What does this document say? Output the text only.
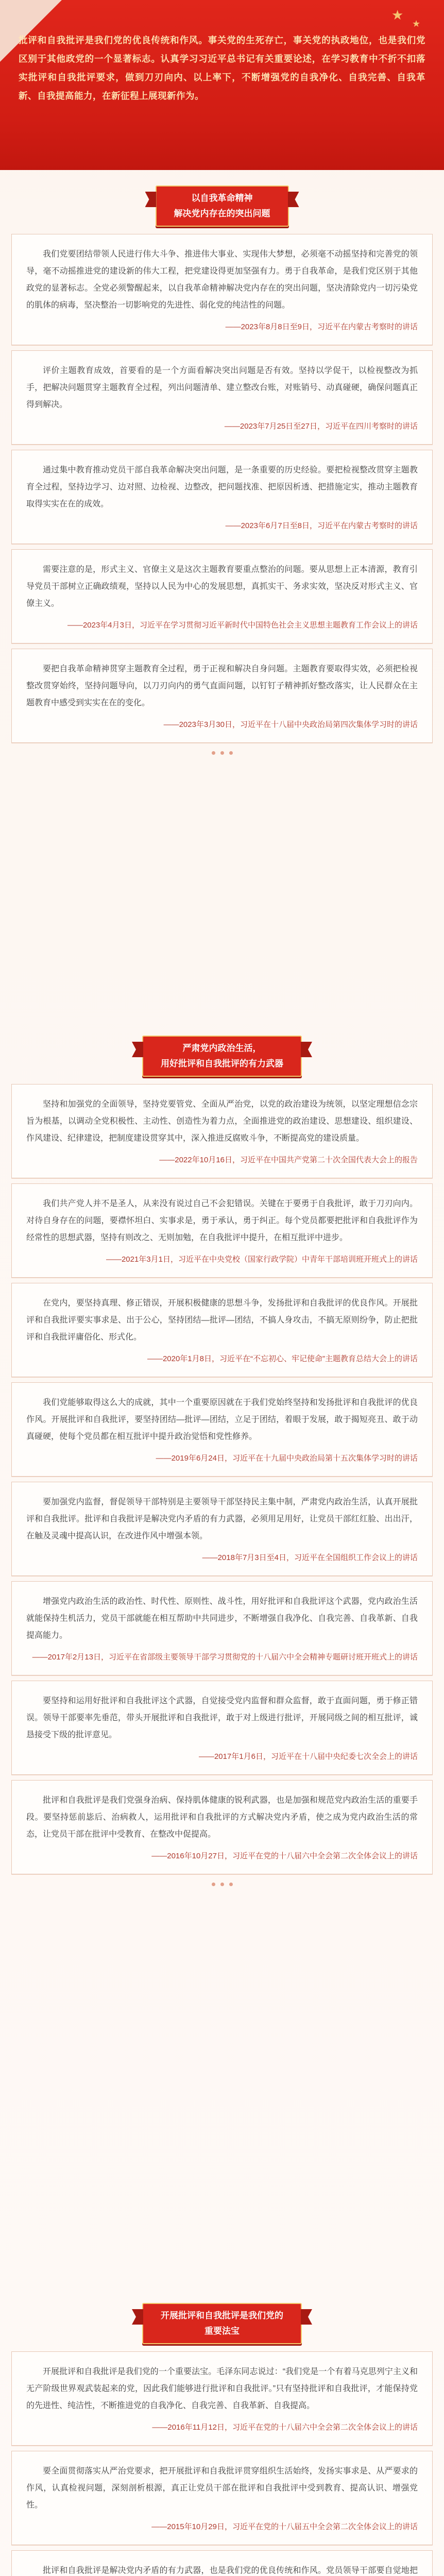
★
★
批评和自我批评是我们党的优良传统和作风。事关党的生死存亡，事关党的执政地位，也是我们党区别于其他政党的一个显著标志。认真学习习近平总书记有关重要论述，在学习教育中不折不扣落实批评和自我批评要求，做到刀刃向内、以上率下，不断增强党的自我净化、自我完善、自我革新、自我提高能力，在新征程上展现新作为。
以自我革命精神
解决党内存在的突出问题

我们党要团结带领人民进行伟大斗争、推进伟大事业、实现伟大梦想，必须毫不动摇坚持和完善党的领导，毫不动摇推进党的建设新的伟大工程，把党建设得更加坚强有力。勇于自我革命，是我们党区别于其他政党的显著标志。全党必须警醒起来，以自我革命精神解决党内存在的突出问题，坚决清除党内一切污染党的肌体的病毒，坚决整治一切影响党的先进性、弱化党的纯洁性的问题。

——2023年8月8日至9日，习近平在内蒙古考察时的讲话

评价主题教育成效，首要看的是一个方面看解决突出问题是否有效。坚持以学促干，以检视整改为抓手，把解决问题贯穿主题教育全过程，列出问题清单、建立整改台账，对账销号、动真碰硬，确保问题真正得到解决。

——2023年7月25日至27日，习近平在四川考察时的讲话

通过集中教育推动党员干部自我革命解决突出问题，是一条重要的历史经验。要把检视整改贯穿主题教育全过程，坚持边学习、边对照、边检视、边整改，把问题找准、把原因析透、把措施定实，推动主题教育取得实实在在的成效。

——2023年6月7日至8日，习近平在内蒙古考察时的讲话

需要注意的是，形式主义、官僚主义是这次主题教育要重点整治的问题。要从思想上正本清源，教育引导党员干部树立正确政绩观，坚持以人民为中心的发展思想，真抓实干、务求实效，坚决反对形式主义、官僚主义。

——2023年4月3日，习近平在学习贯彻习近平新时代中国特色社会主义思想主题教育工作会议上的讲话

要把自我革命精神贯穿主题教育全过程，勇于正视和解决自身问题。主题教育要取得实效，必须把检视整改贯穿始终，坚持问题导向，以刀刃向内的勇气直面问题，以钉钉子精神抓好整改落实，让人民群众在主题教育中感受到实实在在的变化。

——2023年3月30日，习近平在十八届中央政治局第四次集体学习时的讲话
严肃党内政治生活，
用好批评和自我批评的有力武器

坚持和加强党的全面领导，坚持党要管党、全面从严治党，以党的政治建设为统领，以坚定理想信念宗旨为根基，以调动全党积极性、主动性、创造性为着力点，全面推进党的政治建设、思想建设、组织建设、作风建设、纪律建设，把制度建设贯穿其中，深入推进反腐败斗争，不断提高党的建设质量。

——2022年10月16日，习近平在中国共产党第二十次全国代表大会上的报告

我们共产党人并不是圣人，从来没有说过自己不会犯错误。关键在于要勇于自我批评，敢于刀刃向内。对待自身存在的问题，要襟怀坦白、实事求是，勇于承认，勇于纠正。每个党员都要把批评和自我批评作为经常性的思想武器，坚持有则改之、无则加勉，在自我批评中提升，在相互批评中进步。

——2021年3月1日，习近平在中央党校（国家行政学院）中青年干部培训班开班式上的讲话

在党内，要坚持真理、修正错误，开展积极健康的思想斗争，发扬批评和自我批评的优良作风。开展批评和自我批评要实事求是、出于公心，坚持团结—批评—团结，不搞人身攻击，不搞无原则纷争，防止把批评和自我批评庸俗化、形式化。

——2020年1月8日，习近平在“不忘初心、牢记使命”主题教育总结大会上的讲话

我们党能够取得这么大的成就，其中一个重要原因就在于我们党始终坚持和发扬批评和自我批评的优良作风。开展批评和自我批评，要坚持团结—批评—团结，立足于团结，着眼于发展，敢于揭短亮丑、敢于动真碰硬，使每个党员都在相互批评中提升政治觉悟和党性修养。

——2019年6月24日，习近平在十九届中央政治局第十五次集体学习时的讲话

要加强党内监督，督促领导干部特别是主要领导干部坚持民主集中制，严肃党内政治生活，认真开展批评和自我批评。批评和自我批评是解决党内矛盾的有力武器，必须用足用好，让党员干部红红脸、出出汗，在触及灵魂中提高认识，在改进作风中增强本领。

——2018年7月3日至4日，习近平在全国组织工作会议上的讲话

增强党内政治生活的政治性、时代性、原则性、战斗性，用好批评和自我批评这个武器，党内政治生活就能保持生机活力，党员干部就能在相互帮助中共同进步，不断增强自我净化、自我完善、自我革新、自我提高能力。

——2017年2月13日，习近平在省部级主要领导干部学习贯彻党的十八届六中全会精神专题研讨班开班式上的讲话

要坚持和运用好批评和自我批评这个武器，自觉接受党内监督和群众监督，敢于直面问题，勇于修正错误。领导干部要率先垂范，带头开展批评和自我批评，敢于对上级进行批评，开展同级之间的相互批评，诚恳接受下级的批评意见。

——2017年1月6日，习近平在十八届中央纪委七次全会上的讲话

批评和自我批评是我们党强身治病、保持肌体健康的锐利武器，也是加强和规范党内政治生活的重要手段。要坚持惩前毖后、治病救人，运用批评和自我批评的方式解决党内矛盾，使之成为党内政治生活的常态，让党员干部在批评中受教育、在整改中促提高。

——2016年10月27日，习近平在党的十八届六中全会第二次全体会议上的讲话
开展批评和自我批评是我们党的
重要法宝

开展批评和自我批评是我们党的一个重要法宝。毛泽东同志说过：“我们党是一个有着马克思列宁主义和无产阶级世界观武装起来的党，因此我们能够进行批评和自我批评。”只有坚持批评和自我批评，才能保持党的先进性、纯洁性，不断推进党的自我净化、自我完善、自我革新、自我提高。

——2016年11月12日，习近平在党的十八届六中全会第二次全体会议上的讲话

要全面贯彻落实从严治党要求，把开展批评和自我批评贯穿组织生活始终，发扬实事求是、从严要求的作风，认真检视问题，深刻剖析根源，真正让党员干部在批评和自我批评中受到教育、提高认识、增强党性。

——2015年10月29日，习近平在党的十八届五中全会第二次全体会议上的讲话

批评和自我批评是解决党内矛盾的有力武器，也是我们党的优良传统和作风。党员领导干部要自觉地把
